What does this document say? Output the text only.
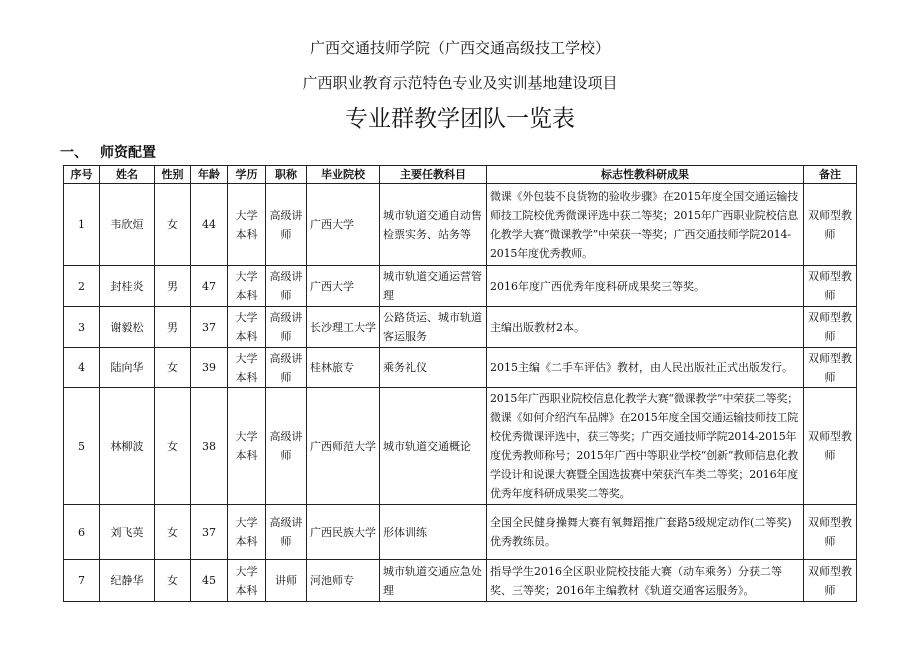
广西交通技师学院（广西交通高级技工学校）
广西职业教育示范特色专业及实训基地建设项目
专业群教学团队一览表
一、 师资配置
序号	姓名	性别	年龄	学历	职称	毕业院校	主要任教科目	标志性教科研成果	备注
1	韦欣烜	女	44	大学本科	高级讲师	广西大学	城市轨道交通自动售检票实务、站务等	微课《外包装不良货物的验收步骤》在2015年度全国交通运输技师技工院校优秀微课评选中获二等奖；2015年广西职业院校信息化教学大赛“微课教学”中荣获一等奖；广西交通技师学院2014-2015年度优秀教师。	双师型教师
2	封桂炎	男	47	大学本科	高级讲师	广西大学	城市轨道交通运营管理	2016年度广西优秀年度科研成果奖三等奖。	双师型教师
3	谢毅松	男	37	大学本科	高级讲师	长沙理工大学	公路货运、城市轨道客运服务	主编出版教材2本。	双师型教师
4	陆向华	女	39	大学本科	高级讲师	桂林旅专	乘务礼仪	2015主编《二手车评估》教材，由人民出版社正式出版发行。	双师型教师
5	林柳波	女	38	大学本科	高级讲师	广西师范大学	城市轨道交通概论	2015年广西职业院校信息化教学大赛“微课教学”中荣获二等奖；微课《如何介绍汽车品牌》在2015年度全国交通运输技师技工院校优秀微课评选中，获三等奖；广西交通技师学院2014-2015年度优秀教师称号；2015年广西中等职业学校“创新”教师信息化教学设计和说课大赛暨全国选拔赛中荣获汽车类二等奖；2016年度优秀年度科研成果奖二等奖。	双师型教师
6	刘飞英	女	37	大学本科	高级讲师	广西民族大学	形体训练	全国全民健身操舞大赛有氧舞蹈推广套路5级规定动作(二等奖)优秀教练员。	双师型教师
7	纪静华	女	45	大学本科	讲师	河池师专	城市轨道交通应急处理	指导学生2016全区职业院校技能大赛（动车乘务）分获二等奖、三等奖；2016年主编教材《轨道交通客运服务》。	双师型教师
